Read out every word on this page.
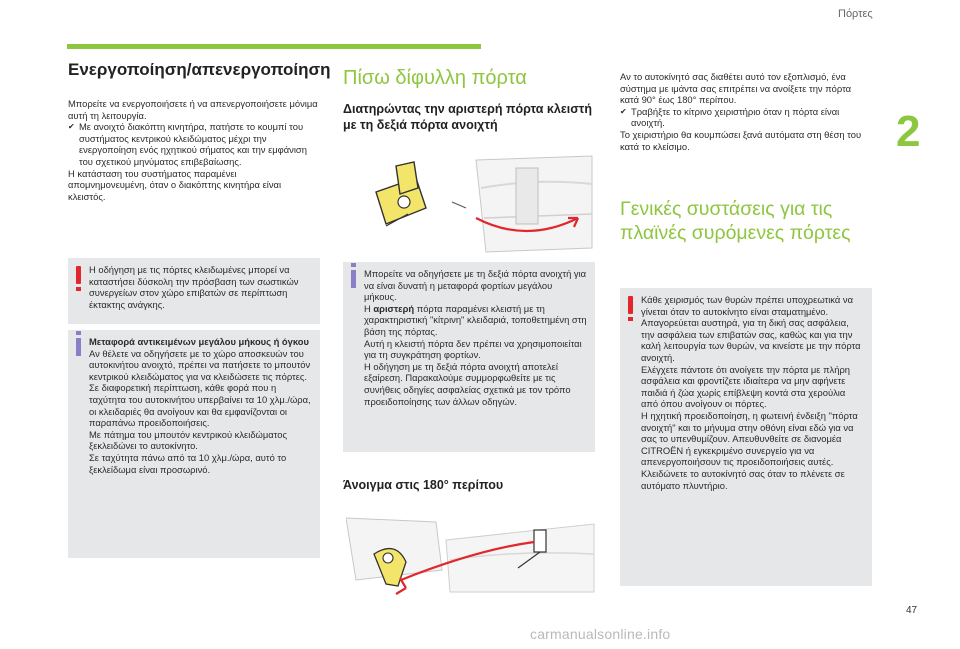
Πόρτες
2
47
carmanualsonline.info
Ενεργοποίηση/απενεργοποίηση

Μπορείτε να ενεργοποιήσετε ή να απενεργοποιήσετε μόνιμα αυτή τη λειτουργία.

✔ Με ανοιχτό διακόπτη κινητήρα, πατήστε το κουμπί του συστήματος κεντρικού κλειδώματος μέχρι την ενεργοποίηση ενός ηχητικού σήματος και την εμφάνιση του σχετικού μηνύματος επιβεβαίωσης.

Η κατάσταση του συστήματος παραμένει απομνημονευμένη, όταν ο διακόπτης κινητήρα είναι κλειστός.

Η οδήγηση με τις πόρτες κλειδωμένες μπορεί να καταστήσει δύσκολη την πρόσβαση των σωστικών συνεργείων στον χώρο επιβατών σε περίπτωση έκτακτης ανάγκης.

Μεταφορά αντικειμένων μεγάλου μήκους ή όγκου

Αν θέλετε να οδηγήσετε με το χώρο αποσκευών του αυτοκινήτου ανοιχτό, πρέπει να πατήσετε το μπουτόν κεντρικού κλειδώματος για να κλειδώσετε τις πόρτες. Σε διαφορετική περίπτωση, κάθε φορά που η ταχύτητα του αυτοκινήτου υπερβαίνει τα 10 χλμ./ώρα, οι κλειδαριές θα ανοίγουν και θα εμφανίζονται οι παραπάνω προειδοποιήσεις.

Με πάτημα του μπουτόν κεντρικού κλειδώματος ξεκλειδώνει το αυτοκίνητο.

Σε ταχύτητα πάνω από τα 10 χλμ./ώρα, αυτό το ξεκλείδωμα είναι προσωρινό.

Πίσω δίφυλλη πόρτα
Διατηρώντας την αριστερή πόρτα κλειστή με τη δεξιά πόρτα ανοιχτή

Μπορείτε να οδηγήσετε με τη δεξιά πόρτα ανοιχτή για να είναι δυνατή η μεταφορά φορτίων μεγάλου μήκους.

Η αριστερή πόρτα παραμένει κλειστή με τη χαρακτηριστική "κίτρινη" κλειδαριά, τοποθετημένη στη βάση της πόρτας.

Αυτή η κλειστή πόρτα δεν πρέπει να χρησιμοποιείται για τη συγκράτηση φορτίων.

Η οδήγηση με τη δεξιά πόρτα ανοιχτή αποτελεί εξαίρεση. Παρακαλούμε συμμορφωθείτε με τις συνήθεις οδηγίες ασφαλείας σχετικά με τον τρόπο προειδοποίησης των άλλων οδηγών.

Άνοιγμα στις 180° περίπου

Αν το αυτοκίνητό σας διαθέτει αυτό τον εξοπλισμό, ένα σύστημα με ιμάντα σας επιτρέπει να ανοίξετε την πόρτα κατά 90° έως 180° περίπου.

✔ Τραβήξτε το κίτρινο χειριστήριο όταν η πόρτα είναι ανοιχτή.

Το χειριστήριο θα κουμπώσει ξανά αυτόματα στη θέση του κατά το κλείσιμο.

Γενικές συστάσεις για τις πλαϊνές συρόμενες πόρτες

Κάθε χειρισμός των θυρών πρέπει υποχρεωτικά να γίνεται όταν το αυτοκίνητο είναι σταματημένο.

Απαγορεύεται αυστηρά, για τη δική σας ασφάλεια, την ασφάλεια των επιβατών σας, καθώς και για την καλή λειτουργία των θυρών, να κινείστε με την πόρτα ανοιχτή.

Ελέγχετε πάντοτε ότι ανοίγετε την πόρτα με πλήρη ασφάλεια και φροντίζετε ιδιαίτερα να μην αφήνετε παιδιά ή ζώα χωρίς επίβλεψη κοντά στα χερούλια από όπου ανοίγουν οι πόρτες.

Η ηχητική προειδοποίηση, η φωτεινή ένδειξη "πόρτα ανοιχτή" και το μήνυμα στην οθόνη είναι εδώ για να σας το υπενθυμίζουν. Απευθυνθείτε σε διανομέα CITROËN ή εγκεκριμένο συνεργείο για να απενεργοποιήσουν τις προειδοποιήσεις αυτές.

Κλειδώνετε το αυτοκίνητό σας όταν το πλένετε σε αυτόματο πλυντήριο.
